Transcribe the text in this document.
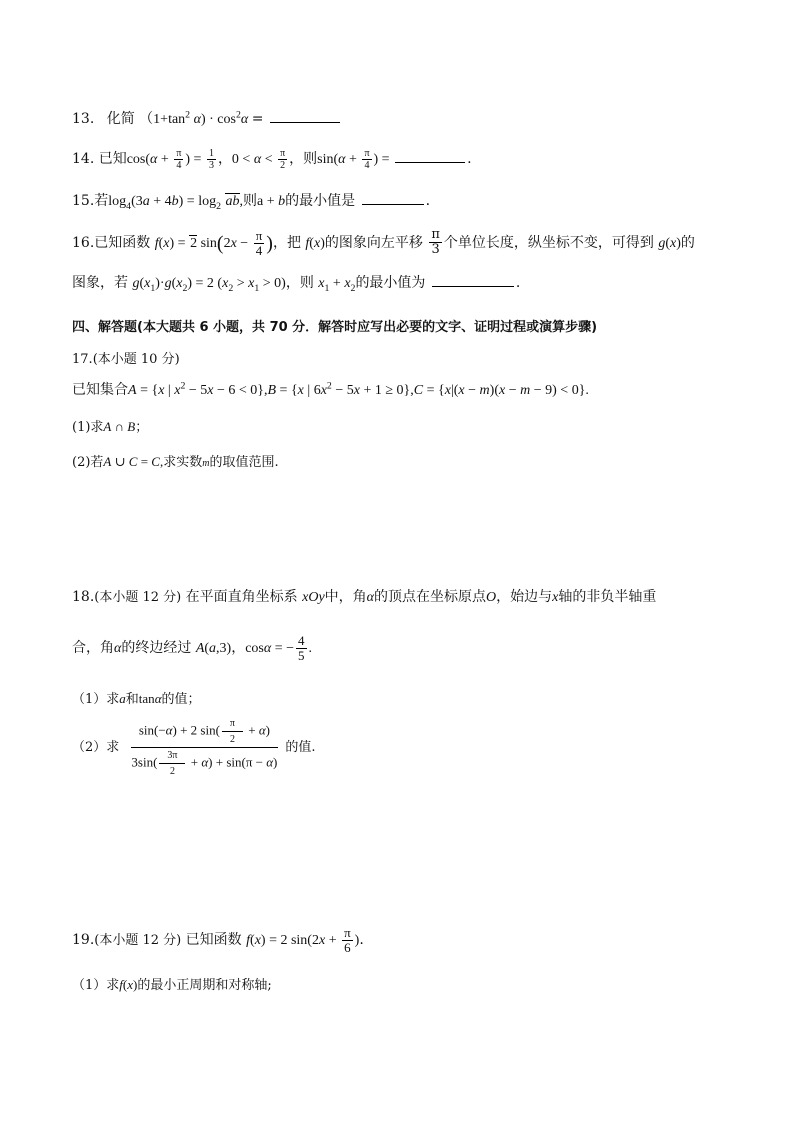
13. 化简 （$1+\tan^2$ $\alpha) \cdot \cos^2\alpha$ =
14. 已知$\cos(\alpha + \frac{\pi}{4}$ ) = $\frac{1}{3}$ ，$0 < \alpha < \frac{\pi}{2}$ ，则$\sin(\alpha + \frac{\pi}{4}$ ) =	.
15.若$\log_4(3a + 4b) = \log_2$ ab,则a + b的最小值是	.
16.已知函数 f(x) = 2 $\sin(2x - \frac{\pi}{4}$ )，把 f(x)的图象向左平移 $\frac{\pi}{3}$ 个单位长度，纵坐标不变，可得到 g(x)的
图象，若 $g(x_1)\cdot g(x_2) = 2$ $(x_2 > x_1 > 0)$，则 $x_1 + x_2$的最小值为	.
四、解答题(本大题共 6 小题，共 70 分．解答时应写出必要的文字、证明过程或演算步骤)
17.(本小题 10 分)
已知集合A = {x | $x^2 - 5x - 6 < 0\},B = \{x$ | $6x^2 - 5x + 1 \ge 0\},C = \{x|(x - m)(x - m - 9) < 0\}$.
(1)求A ∩ B；
(2)若A ∪ C = C,求实数m的取值范围.
18.(本小题 12 分) 在平面直角坐标系 xOy中，角α的顶点在坐标原点O，始边与x轴的非负半轴重
合，角α的终边经过 A(a,3)，cosα = − $\frac{4}{5}$ .
（1）求a和tanα的值；
（2）求 $\frac{\sin(-\alpha) + 2 \sin( \frac{\pi}{2} + \alpha)}{3\sin( \frac{3\pi}{2} + \alpha) + \sin(\pi - \alpha)}$ 的值.
19.(本小题 12 分) 已知函数 f(x) = 2 $\sin(2x + \frac{\pi}{6}$ ).
（1）求f(x)的最小正周期和对称轴;
